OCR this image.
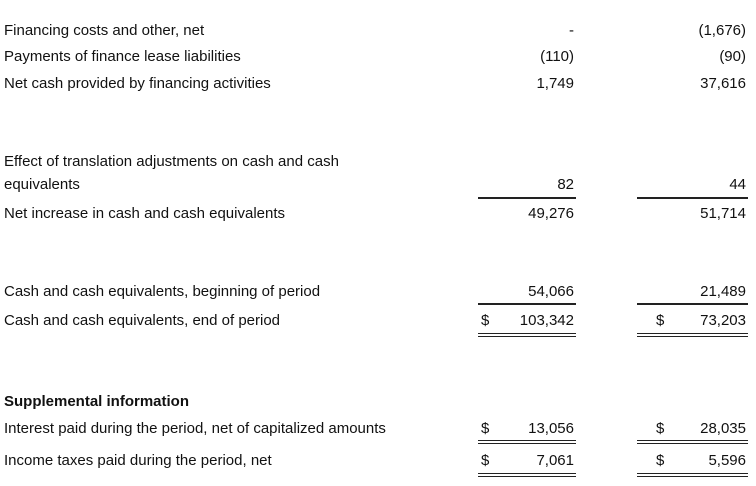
Financing costs and other, net	-	(1,676)
Payments of finance lease liabilities	(110)	(90)
Net cash provided by financing activities	1,749	37,616
Effect of translation adjustments on cash and cash
equivalents	82	44
Net increase in cash and cash equivalents	49,276	51,714
Cash and cash equivalents, beginning of period	54,066	21,489
Cash and cash equivalents, end of period	$ 103,342	$ 73,203
Supplemental information
Interest paid during the period, net of capitalized amounts	$	13,056	$ 28,035
Income taxes paid during the period, net	$	7,061	$	5,596
